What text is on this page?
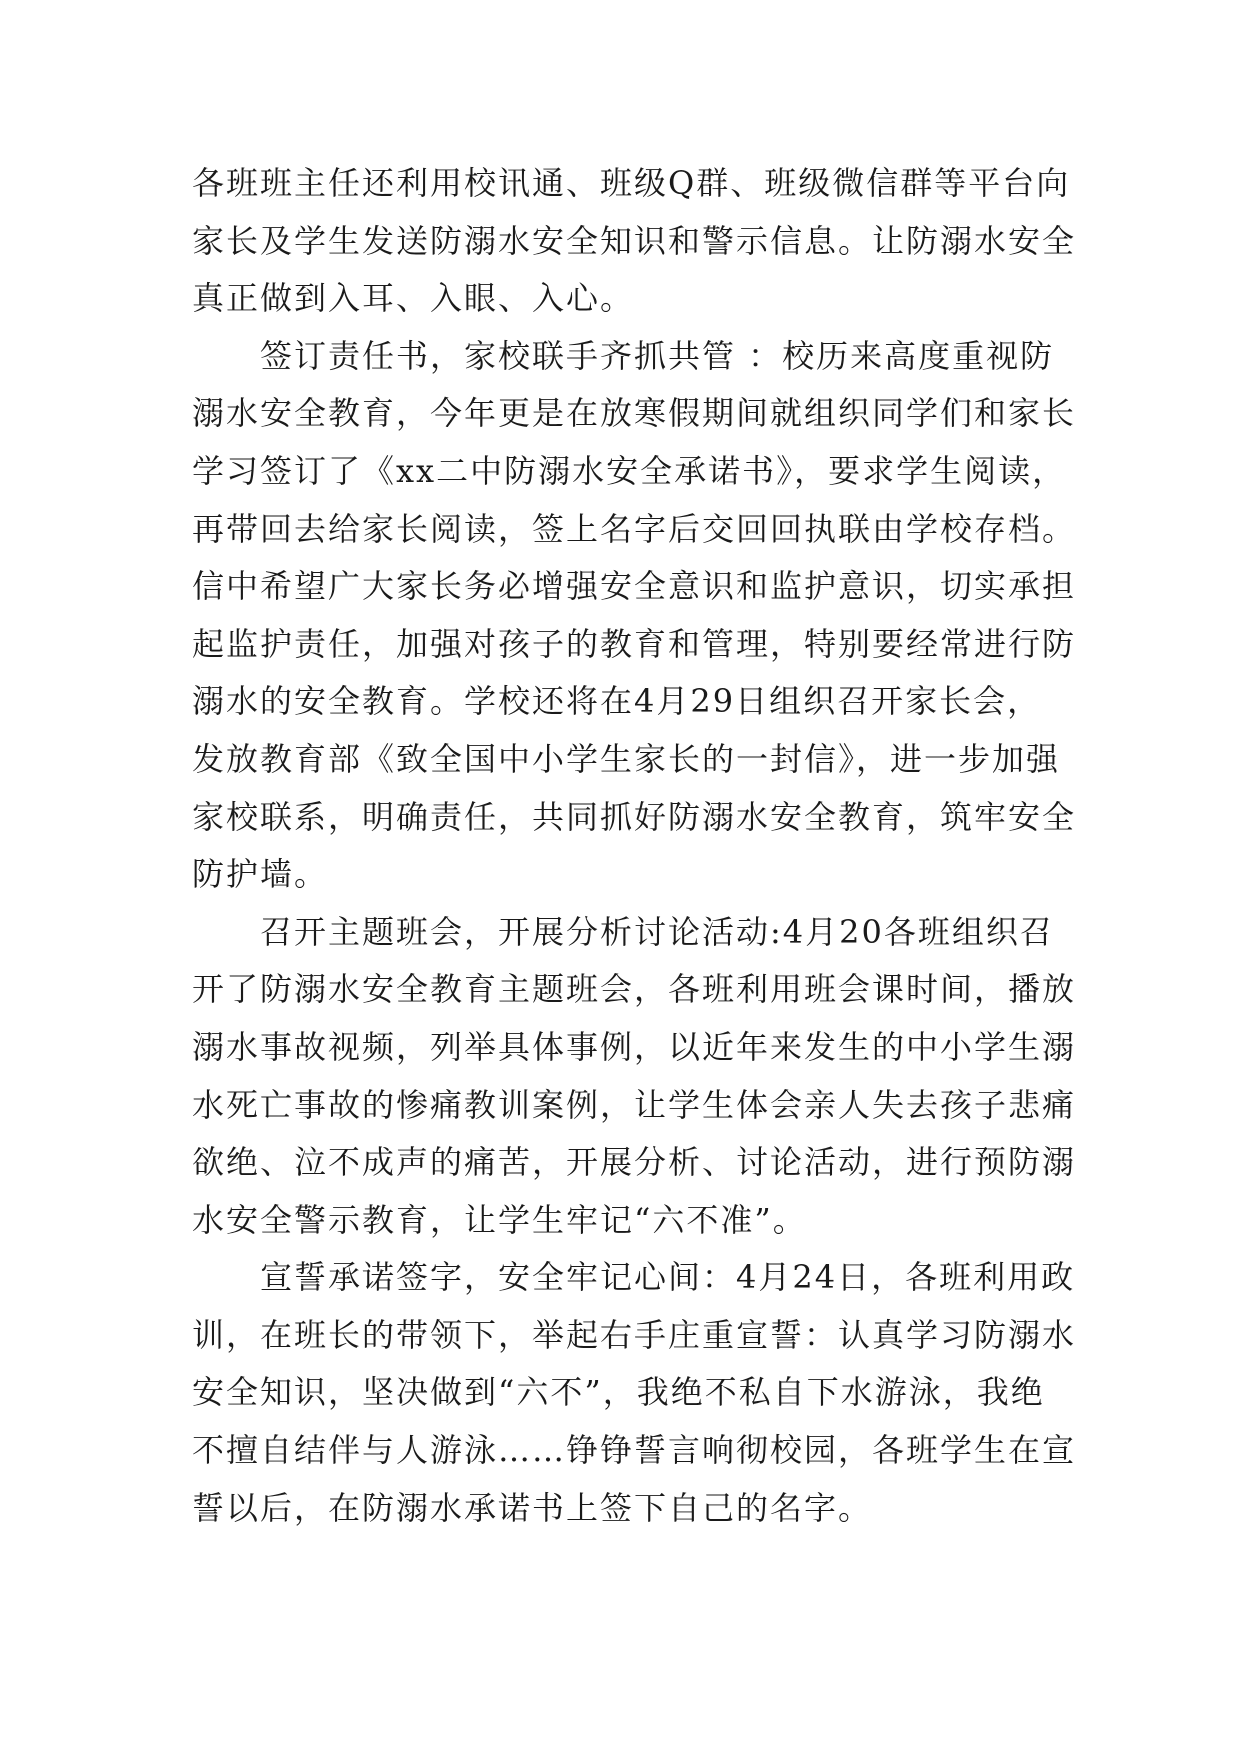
各班班主任还利用校讯通、班级Q群、班级微信群等平台向
家长及学生发送防溺水安全知识和警示信息。让防溺水安全
真正做到入耳、入眼、入心。
　　签订责任书，家校联手齐抓共管 ：校历来高度重视防
溺水安全教育，今年更是在放寒假期间就组织同学们和家长
学习签订了《xx二中防溺水安全承诺书》，要求学生阅读，
再带回去给家长阅读，签上名字后交回回执联由学校存档。
信中希望广大家长务必增强安全意识和监护意识，切实承担
起监护责任，加强对孩子的教育和管理，特别要经常进行防
溺水的安全教育。学校还将在4月29日组织召开家长会，
发放教育部《致全国中小学生家长的一封信》，进一步加强
家校联系，明确责任，共同抓好防溺水安全教育，筑牢安全
防护墙。
　　召开主题班会，开展分析讨论活动:4月20各班组织召
开了防溺水安全教育主题班会，各班利用班会课时间，播放
溺水事故视频，列举具体事例，以近年来发生的中小学生溺
水死亡事故的惨痛教训案例，让学生体会亲人失去孩子悲痛
欲绝、泣不成声的痛苦，开展分析、讨论活动，进行预防溺
水安全警示教育，让学生牢记“六不准”。
　　宣誓承诺签字，安全牢记心间：4月24日，各班利用政
训，在班长的带领下，举起右手庄重宣誓：认真学习防溺水
安全知识，坚决做到“六不”，我绝不私自下水游泳，我绝
不擅自结伴与人游泳……铮铮誓言响彻校园，各班学生在宣
誓以后，在防溺水承诺书上签下自己的名字。
